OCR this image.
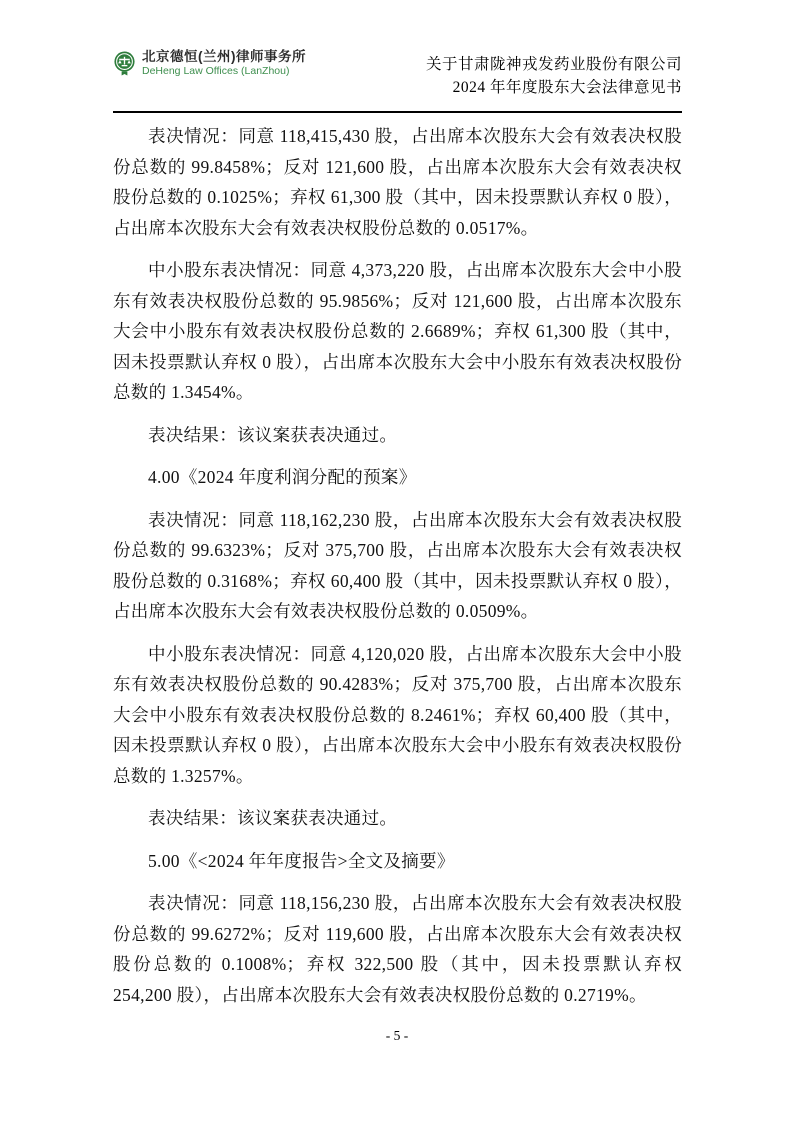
北京德恒(兰州)律师事务所
DeHeng Law Offices (LanZhou)	关于甘肃陇神戎发药业股份有限公司
2024 年年度股东大会法律意见书

表决情况：同意 118,415,430 股，占出席本次股东大会有效表决权股份总数的 99.8458%；反对 121,600 股，占出席本次股东大会有效表决权股份总数的 0.1025%；弃权 61,300 股（其中，因未投票默认弃权 0 股），占出席本次股东大会有效表决权股份总数的 0.0517%。

中小股东表决情况：同意 4,373,220 股，占出席本次股东大会中小股东有效表决权股份总数的 95.9856%；反对 121,600 股，占出席本次股东大会中小股东有效表决权股份总数的 2.6689%；弃权 61,300 股（其中，因未投票默认弃权 0 股），占出席本次股东大会中小股东有效表决权股份总数的 1.3454%。

表决结果：该议案获表决通过。

4.00《2024 年度利润分配的预案》

表决情况：同意 118,162,230 股，占出席本次股东大会有效表决权股份总数的 99.6323%；反对 375,700 股，占出席本次股东大会有效表决权股份总数的 0.3168%；弃权 60,400 股（其中，因未投票默认弃权 0 股），占出席本次股东大会有效表决权股份总数的 0.0509%。

中小股东表决情况：同意 4,120,020 股，占出席本次股东大会中小股东有效表决权股份总数的 90.4283%；反对 375,700 股，占出席本次股东大会中小股东有效表决权股份总数的 8.2461%；弃权 60,400 股（其中，因未投票默认弃权 0 股），占出席本次股东大会中小股东有效表决权股份总数的 1.3257%。

表决结果：该议案获表决通过。

5.00《<2024 年年度报告>全文及摘要》

表决情况：同意 118,156,230 股，占出席本次股东大会有效表决权股份总数的 99.6272%；反对 119,600 股，占出席本次股东大会有效表决权股份总数的 0.1008%；弃权 322,500 股（其中，因未投票默认弃权 254,200 股），占出席本次股东大会有效表决权股份总数的 0.2719%。

- 5 -
